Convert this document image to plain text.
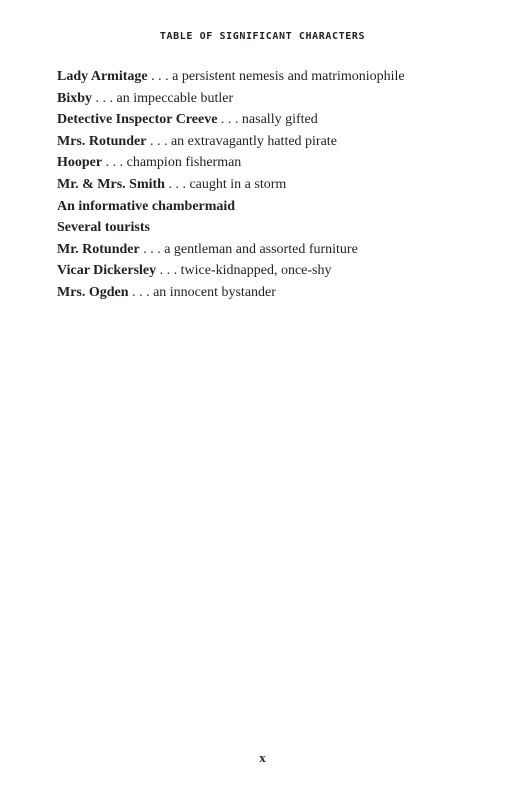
TABLE OF SIGNIFICANT CHARACTERS
Lady Armitage . . . a persistent nemesis and matrimoniophile
Bixby . . . an impeccable butler
Detective Inspector Creeve . . . nasally gifted
Mrs. Rotunder . . . an extravagantly hatted pirate
Hooper . . . champion fisherman
Mr. & Mrs. Smith . . . caught in a storm
An informative chambermaid
Several tourists
Mr. Rotunder . . . a gentleman and assorted furniture
Vicar Dickersley . . . twice-kidnapped, once-shy
Mrs. Ogden . . . an innocent bystander
x
